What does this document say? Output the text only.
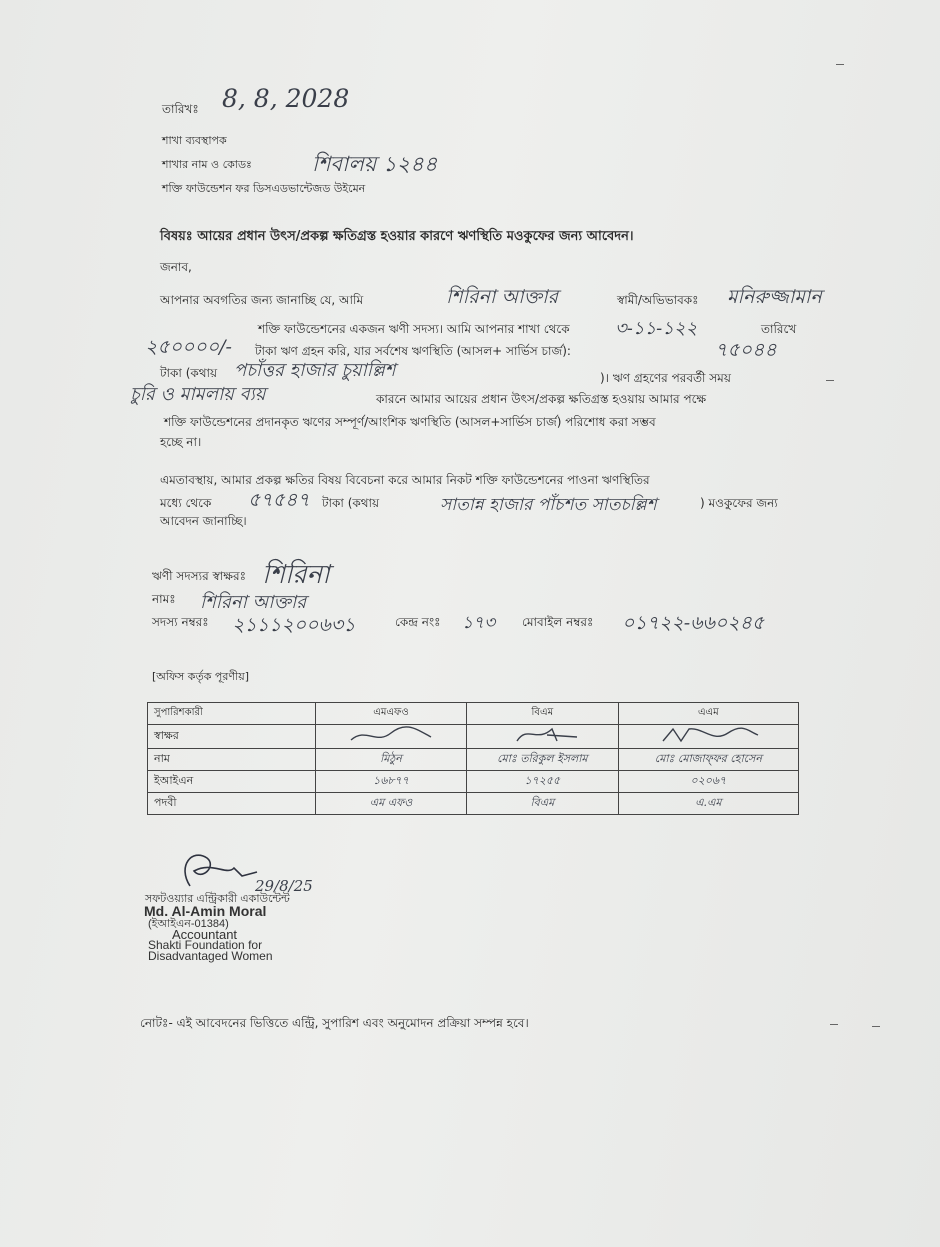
তারিখঃ 8, 8, 2028
শাখা ব্যবস্থাপক
শাখার নাম ও কোডঃ	শিবালয় ১২৪৪
শক্তি ফাউন্ডেশন ফর ডিসএডভান্টেজড উইমেন
বিষয়ঃ আয়ের প্রধান উৎস/প্রকল্প ক্ষতিগ্রস্ত হওয়ার কারণে ঋণস্থিতি মওকুফের জন্য আবেদন।
জনাব,
আপনার অবগতির জন্য জানাচ্ছি যে, আমি	শিরিনা আক্তার	স্বামী/অভিভাবকঃ মনিরুজ্জামান
শক্তি ফাউন্ডেশনের একজন ঋণী সদস্য। আমি আপনার শাখা থেকে	৩-১১-১২২	তারিখে
২৫০০০০/- টাকা ঋণ গ্রহন করি, যার সর্বশেষ ঋণস্থিতি (আসল+ সার্ভিস চার্জ):	৭৫০৪৪
টাকা (কথায় পচাঁত্তর হাজার চুয়াল্লিশ	)। ঋণ গ্রহণের পরবর্তী সময়
চুরি ও মামলায় ব্যয়	কারনে আমার আয়ের প্রধান উৎস/প্রকল্প ক্ষতিগ্রস্ত হওয়ায় আমার পক্ষে
শক্তি ফাউন্ডেশনের প্রদানকৃত ঋণের সম্পূর্ণ/আংশিক ঋণস্থিতি (আসল+সার্ভিস চার্জ) পরিশোধ করা সম্ভব
হচ্ছে না।
এমতাবস্থায়, আমার প্রকল্প ক্ষতির বিষয় বিবেচনা করে আমার নিকট শক্তি ফাউন্ডেশনের পাওনা ঋণস্থিতির
মধ্যে থেকে ৫৭৫৪৭ টাকা (কথায়	সাতান্ন হাজার পাঁচশত সাতচল্লিশ	) মওকুফের জন্য
আবেদন জানাচ্ছি।
ঋণী সদস্যর স্বাক্ষরঃ শিরিনা
নামঃ শিরিনা আক্তার
সদস্য নম্বরঃ ২১১১২০০৬৩১	কেন্দ্র নংঃ ১৭৩ মোবাইল নম্বরঃ ০১৭২২-৬৬০২৪৫
[অফিস কর্তৃক পূরণীয়]
সুপারিশকারী	এমএফও	বিএম	এএম
স্বাক্ষর			
নাম	মিঠুন	মোঃ তরিকুল ইসলাম	মোঃ মোজাফ্ফর হোসেন
ইআইএন	১৬৮৭৭	১৭২৫৫	০২০৬৭
পদবী	এম এফও	বিএম	এ.এম
29/8/25
সফটওয়্যার এন্ট্রিকারী একাউন্টেন্ট
Md. Al-Amin Moral
(ইআইএন-01384)
Accountant
Shakti Foundation for
Disadvantaged Women
নোটঃ- এই আবেদনের ভিত্তিতে এন্ট্রি, সুপারিশ এবং অনুমোদন প্রক্রিয়া সম্পন্ন হবে।
